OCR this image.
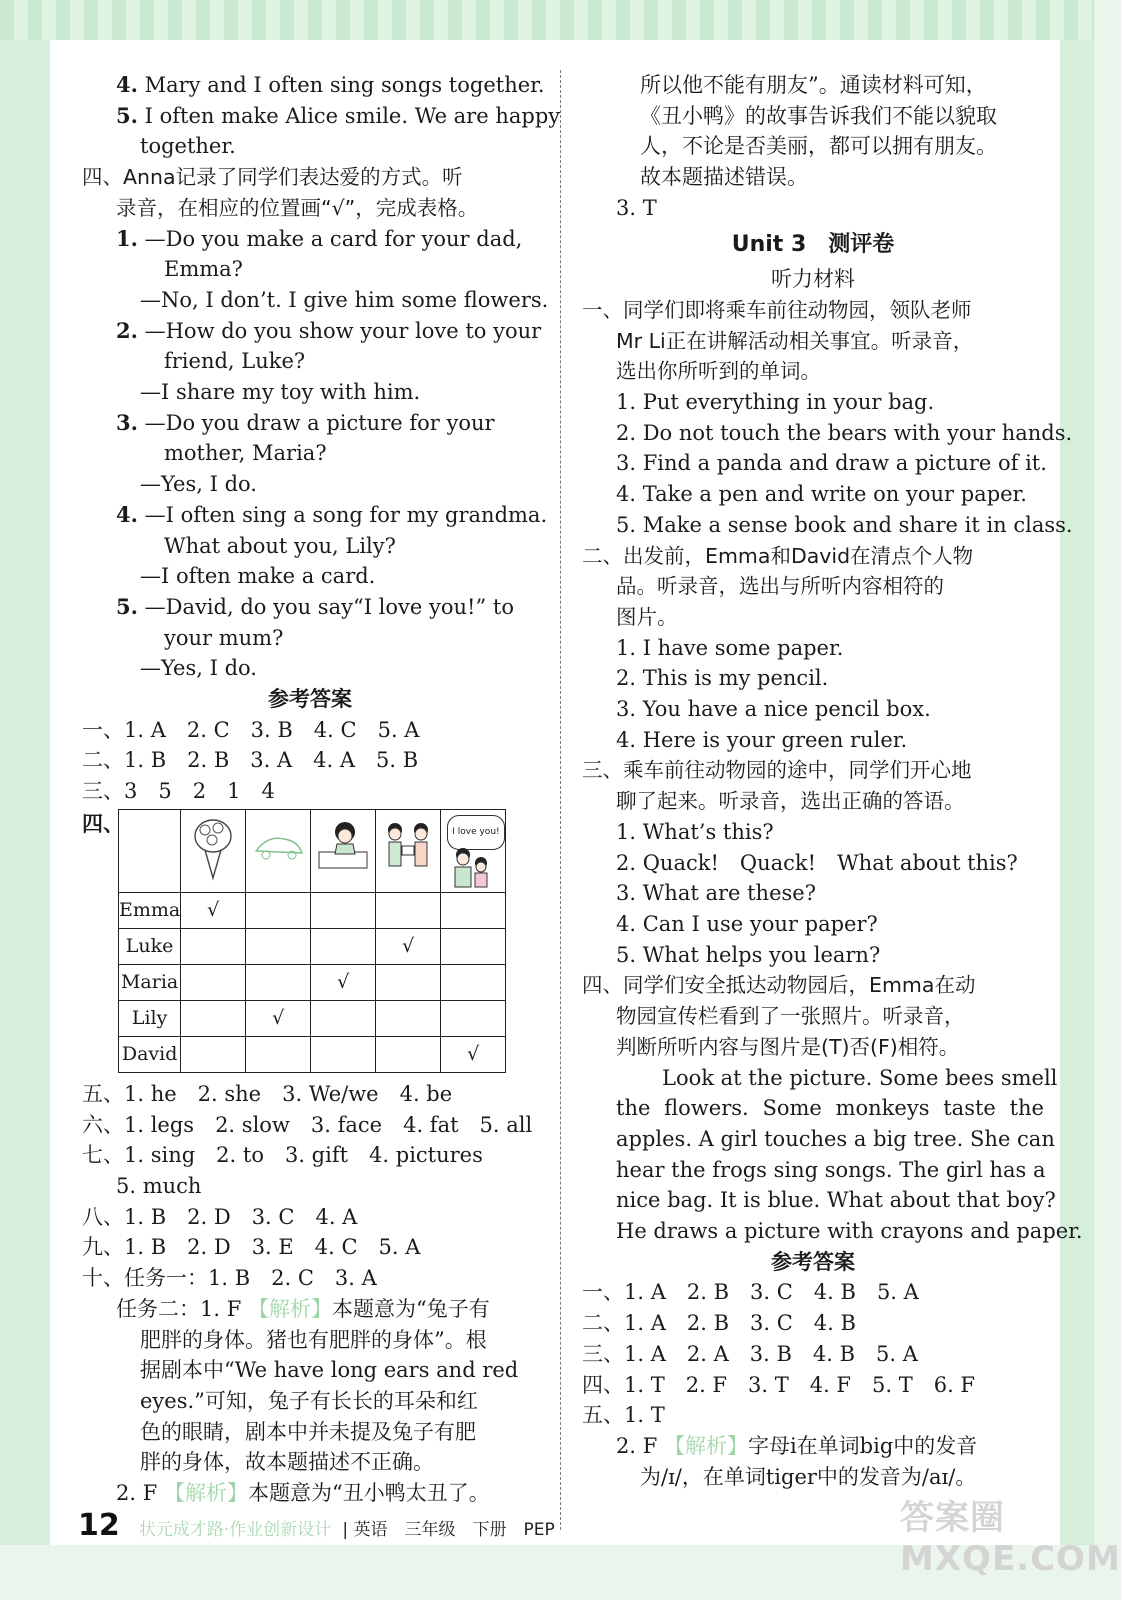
4. Mary and I often sing songs together.
5. I often make Alice smile. We are happy
together.
四、Anna记录了同学们表达爱的方式。听
录音，在相应的位置画“√”，完成表格。
1. —Do you make a card for your dad,
Emma?
—No, I don’t. I give him some flowers.
2. —How do you show your love to your
friend, Luke?
—I share my toy with him.
3. —Do you draw a picture for your
mother, Maria?
—Yes, I do.
4. —I often sing a song for my grandma.
What about you, Lily?
—I often make a card.
5. —David, do you say“I love you!” to
your mum?
—Yes, I do.
参考答案
一、1. A　2. C　3. B　4. C　5. A
二、1. B　2. B　3. A　4. A　5. B
三、3　5　2　1　4
四、
						I love you!

Emma	√				
Luke				√	
Maria			√		
Lily		√			
David					√
五、1. he　2. she　3. We/we　4. be
六、1. legs　2. slow　3. face　4. fat　5. all
七、1. sing　2. to　3. gift　4. pictures
5. much
八、1. B　2. D　3. C　4. A
九、1. B　2. D　3. E　4. C　5. A
十、任务一：1. B　2. C　3. A
任务二：1. F 【解析】本题意为“兔子有
肥胖的身体。猪也有肥胖的身体”。根
据剧本中“We have long ears and red
eyes.”可知，兔子有长长的耳朵和红
色的眼睛，剧本中并未提及兔子有肥
胖的身体，故本题描述不正确。
2. F 【解析】本题意为“丑小鸭太丑了。
所以他不能有朋友”。通读材料可知，
《丑小鸭》的故事告诉我们不能以貌取
人，不论是否美丽，都可以拥有朋友。
故本题描述错误。
3. T
Unit 3　测评卷
听力材料
一、同学们即将乘车前往动物园，领队老师
Mr Li正在讲解活动相关事宜。听录音，
选出你所听到的单词。
1. Put everything in your bag.
2. Do not touch the bears with your hands.
3. Find a panda and draw a picture of it.
4. Take a pen and write on your paper.
5. Make a sense book and share it in class.
二、出发前，Emma和David在清点个人物
品。听录音，选出与所听内容相符的
图片。
1. I have some paper.
2. This is my pencil.
3. You have a nice pencil box.
4. Here is your green ruler.
三、乘车前往动物园的途中，同学们开心地
聊了起来。听录音，选出正确的答语。
1. What’s this?
2. Quack!　Quack!　What about this?
3. What are these?
4. Can I use your paper?
5. What helps you learn?
四、同学们安全抵达动物园后，Emma在动
物园宣传栏看到了一张照片。听录音，
判断所听内容与图片是(T)否(F)相符。
Look at the picture. Some bees smell
the flowers. Some monkeys taste the
apples. A girl touches a big tree. She can
hear the frogs sing songs. The girl has a
nice bag. It is blue. What about that boy?
He draws a picture with crayons and paper.
参考答案
一、1. A　2. B　3. C　4. B　5. A
二、1. A　2. B　3. C　4. B
三、1. A　2. A　3. B　4. B　5. A
四、1. T　2. F　3. T　4. F　5. T　6. F
五、1. T
2. F 【解析】字母i在单词big中的发音
为/ɪ/，在单词tiger中的发音为/aɪ/。
12 状元成才路·作业创新设计 | 英语　三年级　下册　PEP	答案圈 MXQE.COM
